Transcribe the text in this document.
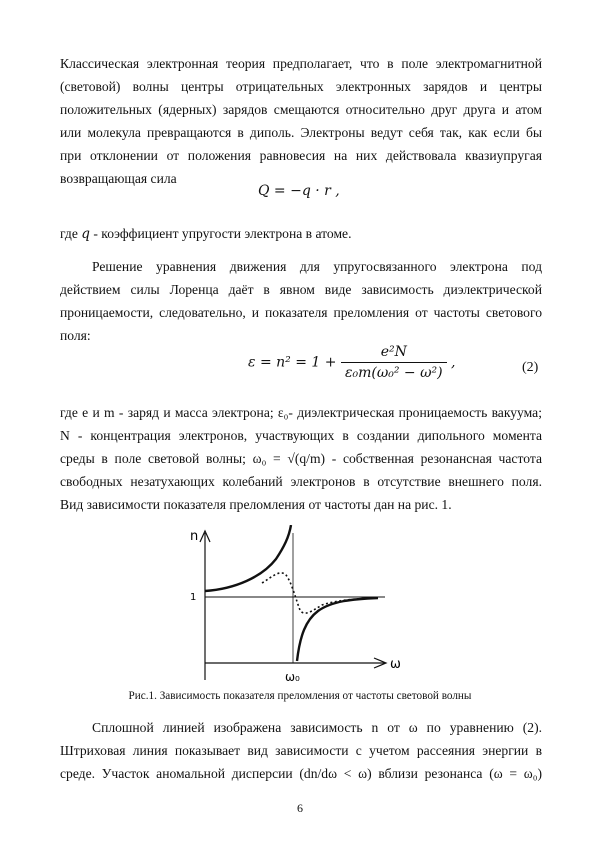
Классическая электронная теория предполагает, что в поле электромагнитной
(световой) волны центры отрицательных электронных зарядов и центры
положительных (ядерных) зарядов смещаются относительно друг друга и атом
или молекула превращаются в диполь. Электроны ведут себя так, как если бы
при отклонении от положения равновесия на них действовала квазиупругая
возвращающая сила
Q = −q · r ,
где q - коэффициент упругости электрона в атоме.
Решение уравнения движения для упругосвязанного электрона под
действием силы Лоренца даёт в явном виде зависимость диэлектрической
проницаемости, следовательно, и показателя преломления от частоты светового
поля:
$\varepsilon = n^2 = 1 + \frac{\text{e²N}}{\text{ε₀m(ω₀² − ω²)}}$ ,	(2)
где e и m - заряд и масса электрона; ε₀- диэлектрическая проницаемость вакуума;
N - концентрация электронов, участвующих в создании дипольного момента
среды в поле световой волны; ω₀ = √(q/m) - собственная резонансная частота
свободных незатухающих колебаний электронов в отсутствие внешнего поля.
Вид зависимости показателя преломления от частоты дан на рис. 1.
n
1
ω
ω₀
Рис.1. Зависимость показателя преломления от частоты световой волны
Сплошной линией изображена зависимость n от ω по уравнению (2).
Штриховая линия показывает вид зависимости с учетом рассеяния энергии в
среде. Участок аномальной дисперсии (dn/dω < ω) вблизи резонанса (ω = ω₀)
6
